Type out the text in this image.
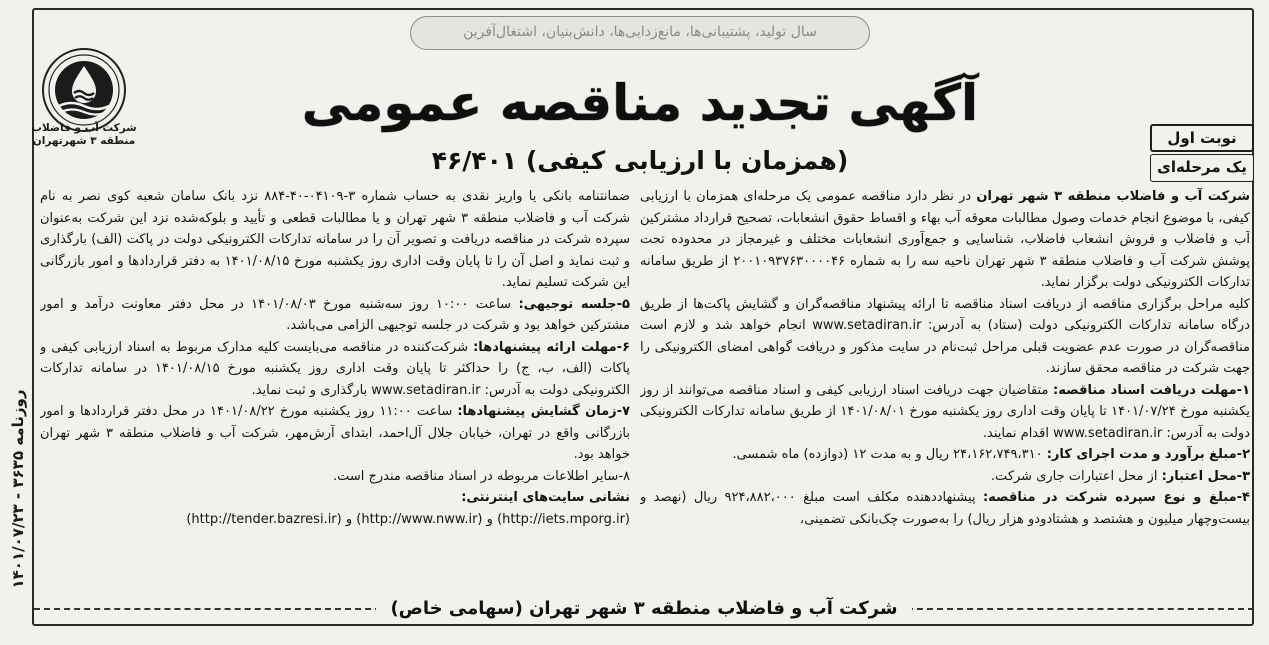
سال تولید، پشتیبانی‌ها، مانع‌زدایی‌ها، دانش‌بنیان، اشتغال‌آفرین
شرکت آب و فاضلاب
منطقه ۳ شهرتهران
آگهی تجدید مناقصه عمومی
(همزمان با ارزیابی کیفی) ۴۶/۴۰۱
نوبت اول
یک مرحله‌ای
روزنامه ۳۶۳۵ - ۱۴۰۱/۰۷/۲۳

شرکت آب و فاضلاب منطقه ۳ شهر تهران در نظر دارد مناقصه عمومی یک مرحله‌ای همزمان با ارزیابی کیفی، با موضوع انجام خدمات وصول مطالبات معوقه آب بهاء و اقساط حقوق انشعابات، تصحیح قرارداد مشترکین آب و فاضلاب و فروش انشعاب فاضلاب، شناسایی و جمع‌آوری انشعابات مختلف و غیرمجاز در محدوده تحت پوشش شرکت آب و فاضلاب منطقه ۳ شهر تهران ناحیه سه را به شماره ۲۰۰۱۰۹۳۷۶۳۰۰۰۰۴۶ از طریق سامانه تدارکات الکترونیکی دولت برگزار نماید.

کلیه مراحل برگزاری مناقصه از دریافت اسناد مناقصه تا ارائه پیشنهاد مناقصه‌گران و گشایش پاکت‌ها از طریق درگاه سامانه تدارکات الکترونیکی دولت (ستاد) به آدرس: www.setadiran.ir انجام خواهد شد و لازم است مناقصه‌گران در صورت عدم عضویت قبلی مراحل ثبت‌نام در سایت مذکور و دریافت گواهی امضای الکترونیکی را جهت شرکت در مناقصه محقق سازند.

۱-مهلت دریافت اسناد مناقصه: متقاضیان جهت دریافت اسناد ارزیابی کیفی و اسناد مناقصه می‌توانند از روز یکشنبه مورخ ۱۴۰۱/۰۷/۲۴ تا پایان وقت اداری روز یکشنبه مورخ ۱۴۰۱/۰۸/۰۱ از طریق سامانه تدارکات الکترونیکی دولت به آدرس: www.setadiran.ir اقدام نمایند.

۲-مبلغ برآورد و مدت اجرای کار: ۲۴،۱۶۲،۷۴۹،۳۱۰ ریال و به مدت ۱۲ (دوازده) ماه شمسی.

۳-محل اعتبار: از محل اعتبارات جاری شرکت.

۴-مبلغ و نوع سپرده شرکت در مناقصه: پیشنهاددهنده مکلف است مبلغ ۹۲۴،۸۸۲،۰۰۰ ریال (نهصد و بیست‌وچهار میلیون و هشتصد و هشتادودو هزار ریال) را به‌صورت چک‌بانکی تضمینی،

ضمانتنامه بانکی یا واریز نقدی به حساب شماره ۳-۰۴۱۰۹-۴۰-۸۸۴ نزد بانک سامان شعبه کوی نصر به نام شرکت آب و فاضلاب منطقه ۳ شهر تهران و یا مطالبات قطعی و تأیید و بلوکه‌شده نزد این شرکت به‌عنوان سپرده شرکت در مناقصه دریافت و تصویر آن را در سامانه تدارکات الکترونیکی دولت در پاکت (الف) بارگذاری و ثبت نماید و اصل آن را تا پایان وقت اداری روز یکشنبه مورخ ۱۴۰۱/۰۸/۱۵ به دفتر قراردادها و امور بازرگانی این شرکت تسلیم نماید.

۵-جلسه توجیهی: ساعت ۱۰:۰۰ روز سه‌شنبه مورخ ۱۴۰۱/۰۸/۰۳ در محل دفتر معاونت درآمد و امور مشترکین خواهد بود و شرکت در جلسه توجیهی الزامی می‌باشد.

۶-مهلت ارائه پیشنهادها: شرکت‌کننده در مناقصه می‌بایست کلیه مدارک مربوط به اسناد ارزیابی کیفی و پاکات (الف، ب، ج) را حداکثر تا پایان وقت اداری روز یکشنبه مورخ ۱۴۰۱/۰۸/۱۵ در سامانه تدارکات الکترونیکی دولت به آدرس: www.setadiran.ir بارگذاری و ثبت نماید.

۷-زمان گشایش پیشنهادها: ساعت ۱۱:۰۰ روز یکشنبه مورخ ۱۴۰۱/۰۸/۲۲ در محل دفتر قراردادها و امور بازرگانی واقع در تهران، خیابان جلال آل‌احمد، ابتدای آرش‌مهر، شرکت آب و فاضلاب منطقه ۳ شهر تهران خواهد بود.

۸-سایر اطلاعات مربوطه در اسناد مناقصه مندرج است.

نشانی سایت‌های اینترنتی:

(http://iets.mporg.ir) و (http://www.nww.ir) و (http://tender.bazresi.ir)

شرکت آب و فاضلاب منطقه ۳ شهر تهران (سهامی خاص)
